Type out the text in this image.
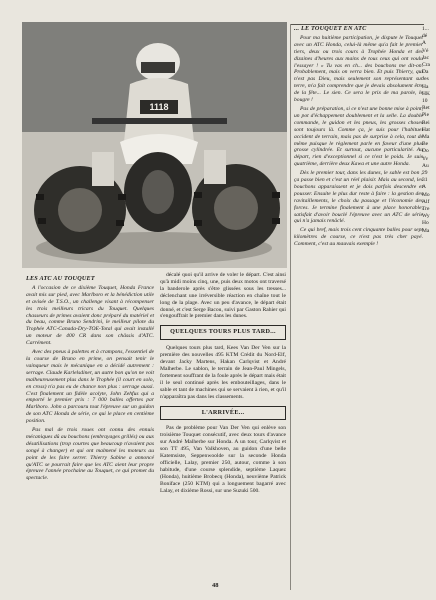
1118

LES ATC AU TOUQUET

A l'occasion de ce dixième Touquet, Honda France avait mis sur pied, avec Marlboro et la bénédiction utile et avisée de T.S.O., un challenge visant à récompenser les trois meilleurs tricars du Touquet. Quelques chasseurs de primes avaient donc préparé du matériel et du beau, comme Bruno Sendrini, le meilleur pilote du Trophée ATC-Canada-Dry-TOE-Total qui avait installé un moteur de 400 CR dans son châssis d'ATC. Carrément.

Avec des pneus à palettes et à crampons, l'essentiel de la course de Bruno en prime, on pensait tenir le vainqueur mais le mécanique en a décidé autrement : serrage. Claude Karlelsdiner, un autre bon qu'on ne voit malheureusement plus dans le Trophée (il court en solo, en cross) n'a pas eu de chance non plus : serrage aussi. C'est finalement un fidèle acolyte, John Zehfus qui a emporté le premier prix : 7 000 balles offertes par Marlboro. John a parcouru tout l'épreuve sur un guidon de son ATC Honda de série, ce qui le place en centième position.

Pas mal de trois roues ont connu des ennuis mécaniques dû au bouchons (embrayages grillés) ou aux désatilisations (trop courtes que beaucoup n'avaient pas songé à changer) et qui ont malmené les moteurs au point de les faire serrer. Thierry Sabine a annoncé qu'ATC se pourrait faire que les ATC aient leur propre épreuve l'année prochaine au Touquet, ce qui promet du spectacle.

décalé quoi qu'il arrive de voler le départ. C'est ainsi qu'à midi moins cinq, une, puis deux motos ont traversé la banderole après s'être glissées sous les tresses... déclenchant une irréversible réaction en chaîne tout le long de la plage. Avec un peu d'avance, le départ était donné, et c'est Serge Bacou, suivi par Gaston Rahier qui s'engouffrait le premier dans les dunes.

QUELQUES TOURS PLUS TARD...

Quelques tours plus tard, Kees Van Der Ven sur la première des nouvelles 495 KTM Crédit du Nord-Elf, devant Jacky Martens, Hakan Carlqvist et André Malherbe. Le sablon, le terrain de Jean-Paul Mingels, fortement souffrant de la foule après le départ mais était il le seul continué après les embouteillages, dans le sable et tant de machines qui se servaient à rien, et qu'il n'apparaîtra pas dans les classements.

L'ARRIVÉE...

Pas de problème pour Van Der Ven qui enlève son troisième Touquet consécutif, avec deux tours d'avance sur André Malherbe sur Honda. A un tour, Carlqvist et son TT 495, Van Valkhoven, au guidon d'une belle Katemsiste, Seppenwoolde sur la seconde Honda officielle, Lalay, premier 250, autour, comme à son habitude, d'une course splendide, septième Laquez (Honda), huitième Brobecq (Honda), neuvième Patrick Boniface (250 KTM) qui a longuement bagarré avec Lalay, et dixième Rossi, sur une Suzuki 500.

... LE TOUQUET EN ATC

Pour ma huitième participation, je dispute le Touquet avec un ATC Honda, celui-là même qu'a fait le premier tiers, deux ou trois cours à Trophée Honda et des dizaines d'heures aux mains de tous ceux qui ont voulu l'essayer ! « Tu vas en ch... des bouchons me dit-on. Probablement, mais on verra bien. Et puis Thierry, qui n'est pas Dieu, mais seulement son représentant sur terre, m'a fait comprendre que je devais absolument être de la fête... Le sien. Ce sera le prix de ma parole, le bougre !

Pas de préparation, si ce n'est une bonne mise à point, un pot d'échappement doublement et la selle. La double commande, le guidon et les pneus, les grosses choses sont toujours là. Comme ça, je suis pour l'habituel accident de terrain, mais pas de surprise à cela, tout de même puisque le règlement parle en faveur d'une plus grosse cylindrée. Et surtout, aucune particularité. Au départ, rien d'exceptionnel si ce n'est le poids. Je suis quatrième, derrière deux Kawa et une autre Honda.

Dès le premier tour, dans les dunes, le sable est bon ; ça passe bien et c'est un réel plaisir. Mais au second, les bouchons apparaissent et je dois parfois descendre et pousser. Ensuite le plus dur reste à faire : la gestion des ravitaillements, le choix du passage et l'économie des forces. Je termine finalement à une place honorable, satisfait d'avoir bouclé l'épreuve avec un ATC de série qui n'a jamais renâclé.

Ce qui bref, mais trois cent cinquante balles pour sept kilomètres de course, ce n'est pas très cher payé. Comment, c'est au mauvais exemple !

1...
dé
A
Vé
Jac
Cra
Da
Jes
Ha
HK
10
Ret
Pie
Rei
Hat
Ma
Be
Do
Yv
Au
29
31
A
Mo
Alf
Tre
Wy
Ho
Ma
48
